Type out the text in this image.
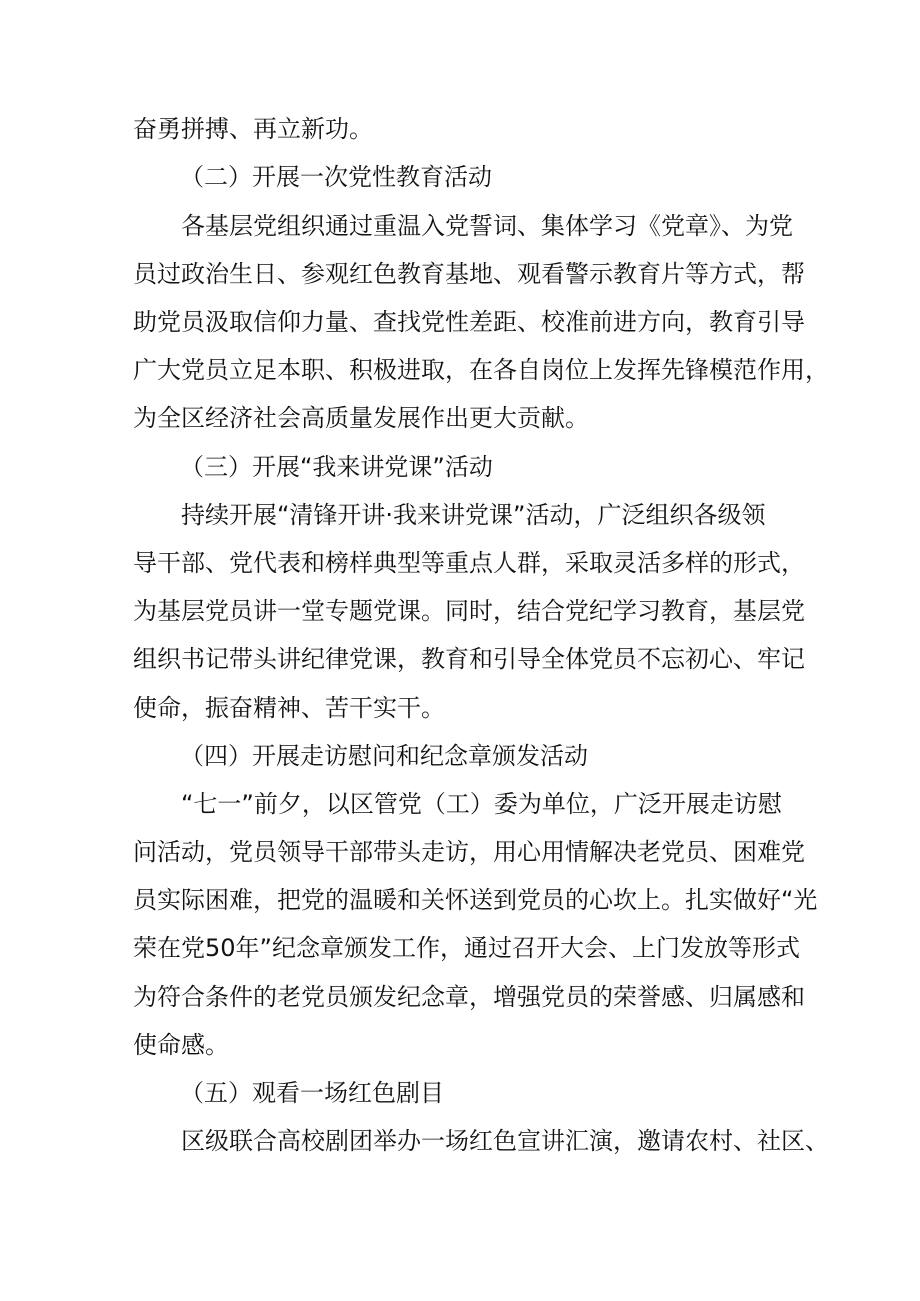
奋勇拼搏、再立新功。

（二）开展一次党性教育活动

各基层党组织通过重温入党誓词、集体学习《党章》、为党

员过政治生日、参观红色教育基地、观看警示教育片等方式，帮

助党员汲取信仰力量、查找党性差距、校准前进方向，教育引导

广大党员立足本职、积极进取，在各自岗位上发挥先锋模范作用，

为全区经济社会高质量发展作出更大贡献。

（三）开展“我来讲党课”活动

持续开展“清锋开讲·我来讲党课”活动，广泛组织各级领

导干部、党代表和榜样典型等重点人群，采取灵活多样的形式，

为基层党员讲一堂专题党课。同时，结合党纪学习教育，基层党

组织书记带头讲纪律党课，教育和引导全体党员不忘初心、牢记

使命，振奋精神、苦干实干。

（四）开展走访慰问和纪念章颁发活动

“七一”前夕，以区管党（工）委为单位，广泛开展走访慰

问活动，党员领导干部带头走访，用心用情解决老党员、困难党

员实际困难，把党的温暖和关怀送到党员的心坎上。扎实做好“光

荣在党50年”纪念章颁发工作，通过召开大会、上门发放等形式

为符合条件的老党员颁发纪念章，增强党员的荣誉感、归属感和

使命感。

（五）观看一场红色剧目

区级联合高校剧团举办一场红色宣讲汇演，邀请农村、社区、
